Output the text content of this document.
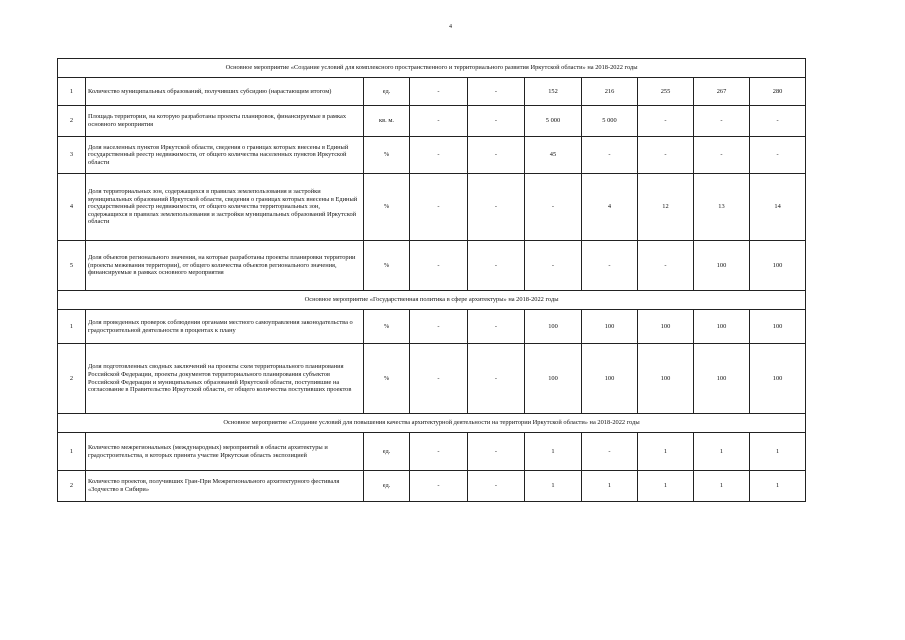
4
Основное мероприятие «Создание условий для комплексного пространственного и территориального развития Иркутской области» на 2018-2022 годы									
1	Количество муниципальных образований, получивших субсидию (нарастающим итогом)	ед.	-	-	152	216	255	267	280
2	Площадь территории, на которую разработаны проекты планировок, финансируемые в рамках основного мероприятия	кв. м.	-	-	5 000	5 000	-	-	-
3	Доля населенных пунктов Иркутской области, сведения о границах которых внесены в Единый государственный реестр недвижимости, от общего количества населенных пунктов Иркутской области	%	-	-	45	-	-	-	-
4	Доля территориальных зон, содержащихся в правилах землепользования и застройки муниципальных образований Иркутской области, сведения о границах которых внесены в Единый государственный реестр недвижимости, от общего количества территориальных зон, содержащихся в правилах землепользования и застройки муниципальных образований Иркутской области	%	-	-	-	4	12	13	14
5	Доля объектов регионального значения, на которые разработаны проекты планировки территории (проекты межевания территории), от общего количества объектов регионального значения, финансируемые в рамках основного мероприятия	%	-	-	-	-	-	100	100
Основное мероприятие «Государственная политика в сфере архитектуры» на 2018-2022 годы									
1	Доля проведенных проверок соблюдения органами местного самоуправления законодательства о градостроительной деятельности в процентах к плану	%	-	-	100	100	100	100	100
2	Доля подготовленных сводных заключений на проекты схем территориального планирования Российской Федерации, проекты документов территориального планирования субъектов Российской Федерации и муниципальных образований Иркутской области, поступившие на согласование в Правительство Иркутской области, от общего количества поступивших проектов	%	-	-	100	100	100	100	100
Основное мероприятие «Создание условий для повышения качества архитектурной деятельности на территории Иркутской области» на 2018-2022 годы									
1	Количество межрегиональных (международных) мероприятий в области архитектуры и градостроительства, в которых принята участие Иркутская область экспозицией	ед.	-	-	1	-	1	1	1
2	Количество проектов, получивших Гран-При Межрегионального архитектурного фестиваля «Зодчество в Сибири»	ед.	-	-	1	1	1	1	1
